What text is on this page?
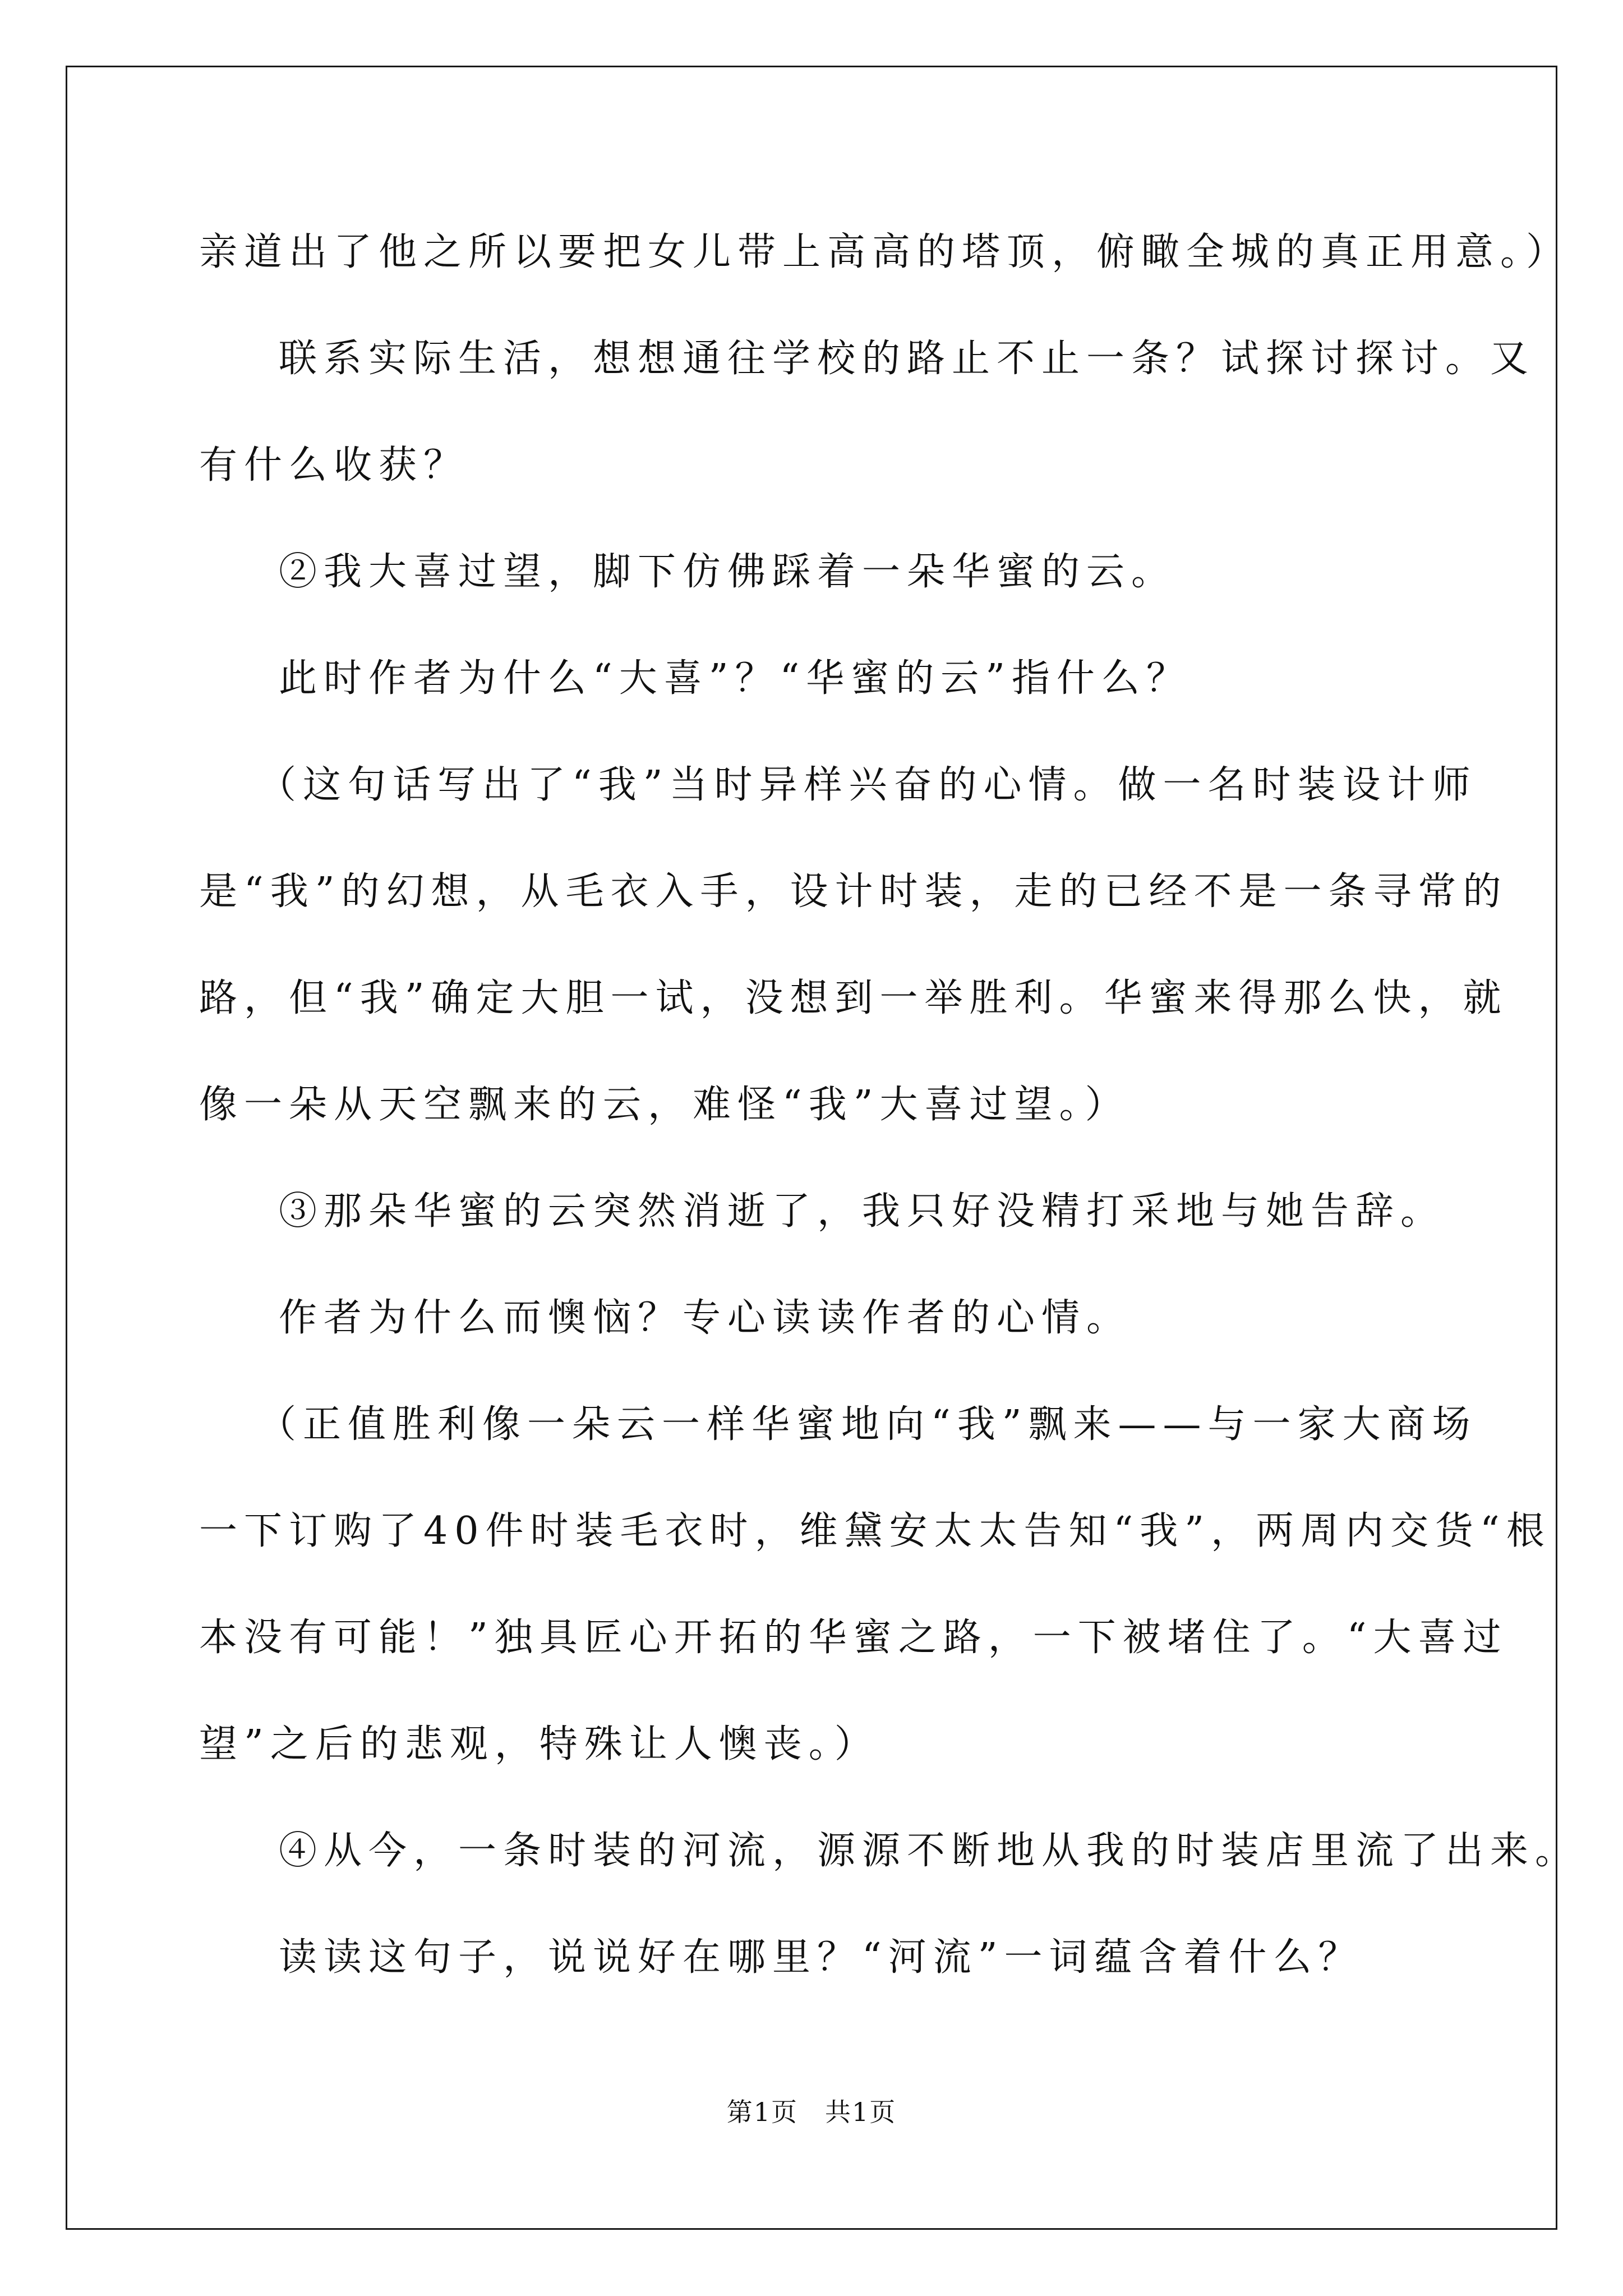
亲道出了他之所以要把女儿带上高高的塔顶，俯瞰全城的真正用意。）
联系实际生活，想想通往学校的路止不止一条？试探讨探讨。又
有什么收获？
②我大喜过望，脚下仿佛踩着一朵华蜜的云。
此时作者为什么“大喜”？“华蜜的云”指什么？
（这句话写出了“我”当时异样兴奋的心情。做一名时装设计师
是“我”的幻想，从毛衣入手，设计时装，走的已经不是一条寻常的
路，但“我”确定大胆一试，没想到一举胜利。华蜜来得那么快，就
像一朵从天空飘来的云，难怪“我”大喜过望。）
③那朵华蜜的云突然消逝了，我只好没精打采地与她告辞。
作者为什么而懊恼？专心读读作者的心情。
（正值胜利像一朵云一样华蜜地向“我”飘来——与一家大商场
一下订购了40件时装毛衣时，维黛安太太告知“我”，两周内交货“根
本没有可能！”独具匠心开拓的华蜜之路，一下被堵住了。“大喜过
望”之后的悲观，特殊让人懊丧。）
④从今，一条时装的河流，源源不断地从我的时装店里流了出来。
读读这句子，说说好在哪里？“河流”一词蕴含着什么？
第1页　共1页
